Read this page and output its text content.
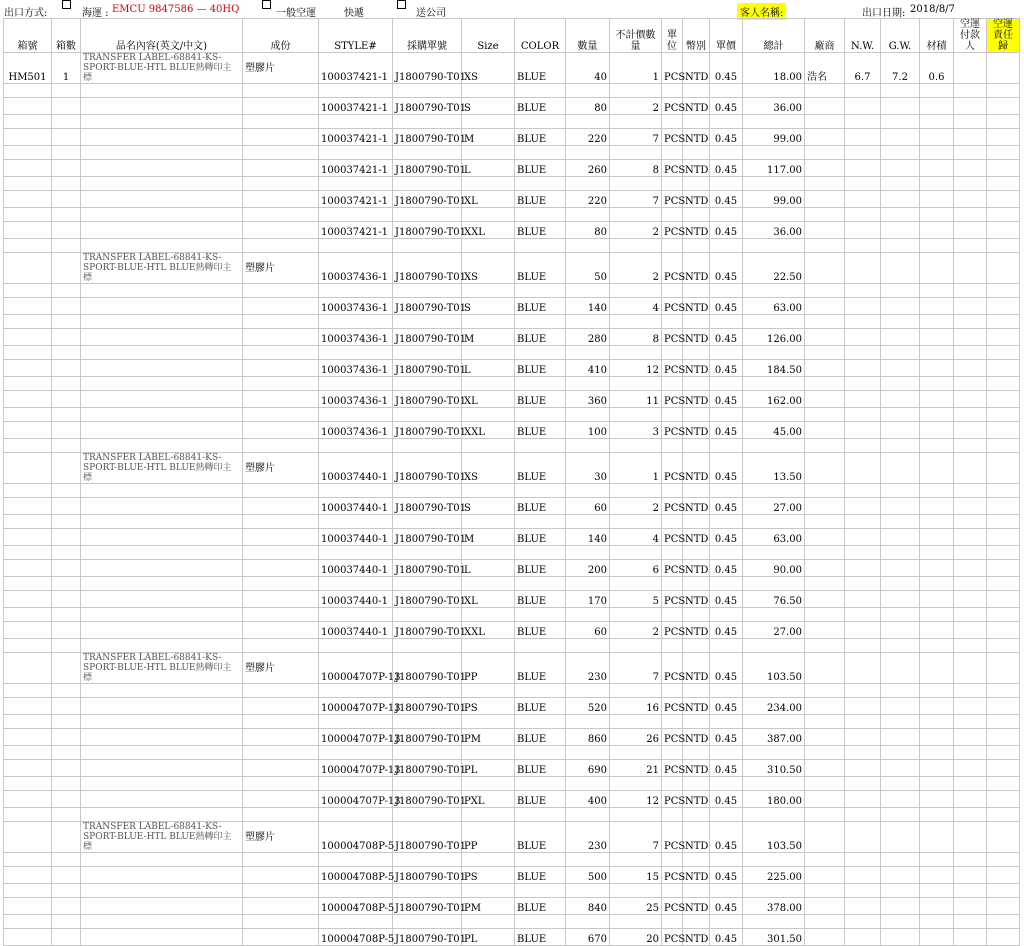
出口方式:	海運 : EMCU 9847586 — 40HQ	一般空運	快遞	送公司	客人名稱:	出口日期: 2018/8/7
箱號	箱數	品名內容(英文/中文)	成份	STYLE#	採購單號	Size	COLOR	數量	不計價數量	單位	幣別	單價	總計	廠商	N.W.	G.W.	材積	空運付款人	空運責任歸
HM501	1	TRANSFER LABEL-68841-KS-SPORT-BLUE-HTL BLUE熱轉印主標	塑膠片	100037421-1	J1800790-T01	XS	BLUE	40	1	PCS	NTD	0.45	18.00	浩名	6.7	7.2	0.6		

				100037421-1	J1800790-T01	S	BLUE	80	2	PCS	NTD	0.45	36.00						

				100037421-1	J1800790-T01	M	BLUE	220	7	PCS	NTD	0.45	99.00						

				100037421-1	J1800790-T01	L	BLUE	260	8	PCS	NTD	0.45	117.00						

				100037421-1	J1800790-T01	XL	BLUE	220	7	PCS	NTD	0.45	99.00						

				100037421-1	J1800790-T01	XXL	BLUE	80	2	PCS	NTD	0.45	36.00						

		TRANSFER LABEL-68841-KS-SPORT-BLUE-HTL BLUE熱轉印主標	塑膠片	100037436-1	J1800790-T01	XS	BLUE	50	2	PCS	NTD	0.45	22.50						

				100037436-1	J1800790-T01	S	BLUE	140	4	PCS	NTD	0.45	63.00						

				100037436-1	J1800790-T01	M	BLUE	280	8	PCS	NTD	0.45	126.00						

				100037436-1	J1800790-T01	L	BLUE	410	12	PCS	NTD	0.45	184.50						

				100037436-1	J1800790-T01	XL	BLUE	360	11	PCS	NTD	0.45	162.00						

				100037436-1	J1800790-T01	XXL	BLUE	100	3	PCS	NTD	0.45	45.00						

		TRANSFER LABEL-68841-KS-SPORT-BLUE-HTL BLUE熱轉印主標	塑膠片	100037440-1	J1800790-T01	XS	BLUE	30	1	PCS	NTD	0.45	13.50						

				100037440-1	J1800790-T01	S	BLUE	60	2	PCS	NTD	0.45	27.00						

				100037440-1	J1800790-T01	M	BLUE	140	4	PCS	NTD	0.45	63.00						

				100037440-1	J1800790-T01	L	BLUE	200	6	PCS	NTD	0.45	90.00						

				100037440-1	J1800790-T01	XL	BLUE	170	5	PCS	NTD	0.45	76.50						

				100037440-1	J1800790-T01	XXL	BLUE	60	2	PCS	NTD	0.45	27.00						

		TRANSFER LABEL-68841-KS-SPORT-BLUE-HTL BLUE熱轉印主標	塑膠片	100004707P-13	J1800790-T01	PP	BLUE	230	7	PCS	NTD	0.45	103.50						

				100004707P-13	J1800790-T01	PS	BLUE	520	16	PCS	NTD	0.45	234.00						

				100004707P-13	J1800790-T01	PM	BLUE	860	26	PCS	NTD	0.45	387.00						

				100004707P-13	J1800790-T01	PL	BLUE	690	21	PCS	NTD	0.45	310.50						

				100004707P-13	J1800790-T01	PXL	BLUE	400	12	PCS	NTD	0.45	180.00						

		TRANSFER LABEL-68841-KS-SPORT-BLUE-HTL BLUE熱轉印主標	塑膠片	100004708P-5	J1800790-T01	PP	BLUE	230	7	PCS	NTD	0.45	103.50						

				100004708P-5	J1800790-T01	PS	BLUE	500	15	PCS	NTD	0.45	225.00						

				100004708P-5	J1800790-T01	PM	BLUE	840	25	PCS	NTD	0.45	378.00						

				100004708P-5	J1800790-T01	PL	BLUE	670	20	PCS	NTD	0.45	301.50						
